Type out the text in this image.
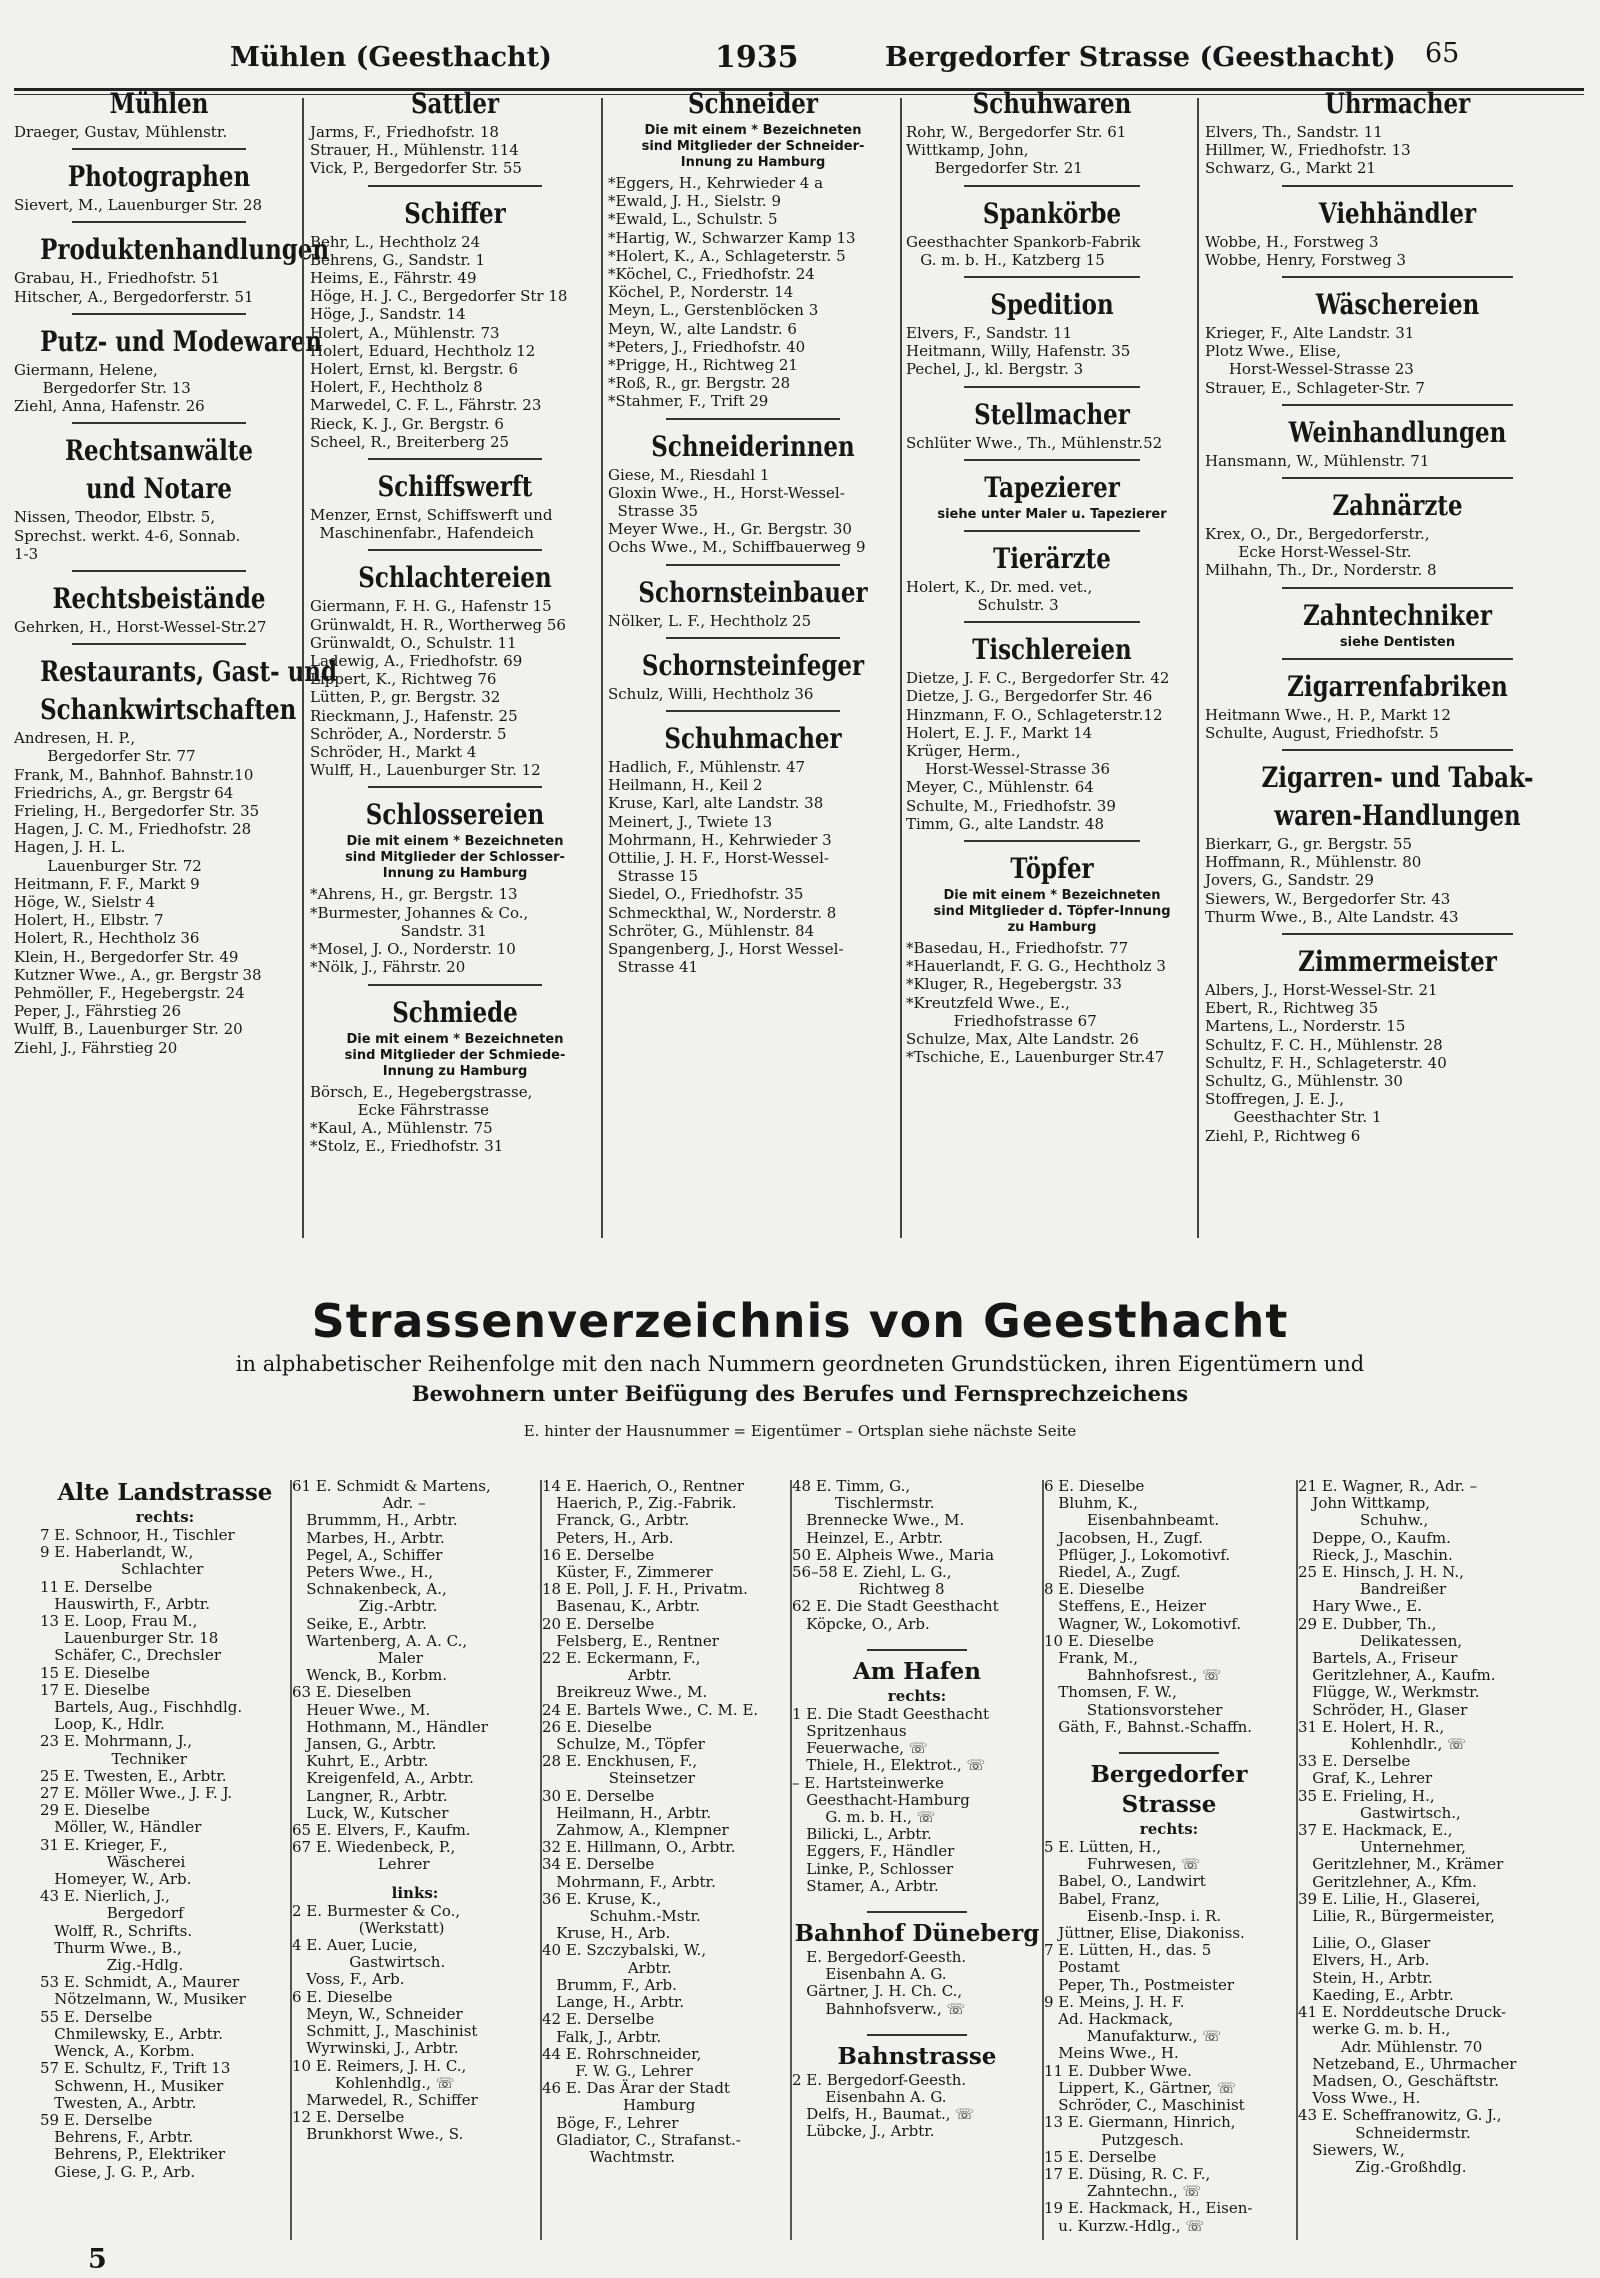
Mühlen (Geesthacht)	1935	Bergedorfer Strasse (Geesthacht) 65
Mühlen
Draeger, Gustav, Mühlenstr.
Photographen
Sievert, M., Lauenburger Str. 28
Produktenhandlungen
Grabau, H., Friedhofstr. 51
Hitscher, A., Bergedorferstr. 51
Putz- und Modewaren
Giermann, Helene,
Bergedorfer Str. 13
Ziehl, Anna, Hafenstr. 26
Rechtsanwälte
und Notare
Nissen, Theodor, Elbstr. 5,
Sprechst. werkt. 4-6, Sonnab.
1-3
Rechtsbeistände
Gehrken, H., Horst-Wessel-Str.27
Restaurants, Gast- und
Schankwirtschaften
Andresen, H. P.,
Bergedorfer Str. 77
Frank, M., Bahnhof. Bahnstr.10
Friedrichs, A., gr. Bergstr 64
Frieling, H., Bergedorfer Str. 35
Hagen, J. C. M., Friedhofstr. 28
Hagen, J. H. L.
Lauenburger Str. 72
Heitmann, F. F., Markt 9
Höge, W., Sielstr 4
Holert, H., Elbstr. 7
Holert, R., Hechtholz 36
Klein, H., Bergedorfer Str. 49
Kutzner Wwe., A., gr. Bergstr 38
Pehmöller, F., Hegebergstr. 24
Peper, J., Fährstieg 26
Wulff, B., Lauenburger Str. 20
Ziehl, J., Fährstieg 20
Sattler
Jarms, F., Friedhofstr. 18
Strauer, H., Mühlenstr. 114
Vick, P., Bergedorfer Str. 55
Schiffer
Behr, L., Hechtholz 24
Behrens, G., Sandstr. 1
Heims, E., Fährstr. 49
Höge, H. J. C., Bergedorfer Str 18
Höge, J., Sandstr. 14
Holert, A., Mühlenstr. 73
Holert, Eduard, Hechtholz 12
Holert, Ernst, kl. Bergstr. 6
Holert, F., Hechtholz 8
Marwedel, C. F. L., Fährstr. 23
Rieck, K. J., Gr. Bergstr. 6
Scheel, R., Breiterberg 25
Schiffswerft
Menzer, Ernst, Schiffswerft und
Maschinenfabr., Hafendeich
Schlachtereien
Giermann, F. H. G., Hafenstr 15
Grünwaldt, H. R., Wortherweg 56
Grünwaldt, O., Schulstr. 11
Ladewig, A., Friedhofstr. 69
Lippert, K., Richtweg 76
Lütten, P., gr. Bergstr. 32
Rieckmann, J., Hafenstr. 25
Schröder, A., Norderstr. 5
Schröder, H., Markt 4
Wulff, H., Lauenburger Str. 12
Schlossereien
Die mit einem * Bezeichneten
sind Mitglieder der Schlosser-
Innung zu Hamburg
*Ahrens, H., gr. Bergstr. 13
*Burmester, Johannes & Co.,
Sandstr. 31
*Mosel, J. O., Norderstr. 10
*Nölk, J., Fährstr. 20
Schmiede
Die mit einem * Bezeichneten
sind Mitglieder der Schmiede-
Innung zu Hamburg
Börsch, E., Hegebergstrasse,
Ecke Fährstrasse
*Kaul, A., Mühlenstr. 75
*Stolz, E., Friedhofstr. 31
Schneider
Die mit einem * Bezeichneten
sind Mitglieder der Schneider-
Innung zu Hamburg
*Eggers, H., Kehrwieder 4 a
*Ewald, J. H., Sielstr. 9
*Ewald, L., Schulstr. 5
*Hartig, W., Schwarzer Kamp 13
*Holert, K., A., Schlageterstr. 5
*Köchel, C., Friedhofstr. 24
Köchel, P., Norderstr. 14
Meyn, L., Gerstenblöcken 3
Meyn, W., alte Landstr. 6
*Peters, J., Friedhofstr. 40
*Prigge, H., Richtweg 21
*Roß, R., gr. Bergstr. 28
*Stahmer, F., Trift 29
Schneiderinnen
Giese, M., Riesdahl 1
Gloxin Wwe., H., Horst-Wessel-
Strasse 35
Meyer Wwe., H., Gr. Bergstr. 30
Ochs Wwe., M., Schiffbauerweg 9
Schornsteinbauer
Nölker, L. F., Hechtholz 25
Schornsteinfeger
Schulz, Willi, Hechtholz 36
Schuhmacher
Hadlich, F., Mühlenstr. 47
Heilmann, H., Keil 2
Kruse, Karl, alte Landstr. 38
Meinert, J., Twiete 13
Mohrmann, H., Kehrwieder 3
Ottilie, J. H. F., Horst-Wessel-
Strasse 15
Siedel, O., Friedhofstr. 35
Schmeckthal, W., Norderstr. 8
Schröter, G., Mühlenstr. 84
Spangenberg, J., Horst Wessel-
Strasse 41
Schuhwaren
Rohr, W., Bergedorfer Str. 61
Wittkamp, John,
Bergedorfer Str. 21
Spankörbe
Geesthachter Spankorb-Fabrik
G. m. b. H., Katzberg 15
Spedition
Elvers, F., Sandstr. 11
Heitmann, Willy, Hafenstr. 35
Pechel, J., kl. Bergstr. 3
Stellmacher
Schlüter Wwe., Th., Mühlenstr.52
Tapezierer
siehe unter Maler u. Tapezierer
Tierärzte
Holert, K., Dr. med. vet.,
Schulstr. 3
Tischlereien
Dietze, J. F. C., Bergedorfer Str. 42
Dietze, J. G., Bergedorfer Str. 46
Hinzmann, F. O., Schlageterstr.12
Holert, E. J. F., Markt 14
Krüger, Herm.,
Horst-Wessel-Strasse 36
Meyer, C., Mühlenstr. 64
Schulte, M., Friedhofstr. 39
Timm, G., alte Landstr. 48
Töpfer
Die mit einem * Bezeichneten
sind Mitglieder d. Töpfer-Innung
zu Hamburg
*Basedau, H., Friedhofstr. 77
*Hauerlandt, F. G. G., Hechtholz 3
*Kluger, R., Hegebergstr. 33
*Kreutzfeld Wwe., E.,
Friedhofstrasse 67
Schulze, Max, Alte Landstr. 26
*Tschiche, E., Lauenburger Str.47
Uhrmacher
Elvers, Th., Sandstr. 11
Hillmer, W., Friedhofstr. 13
Schwarz, G., Markt 21
Viehhändler
Wobbe, H., Forstweg 3
Wobbe, Henry, Forstweg 3
Wäschereien
Krieger, F., Alte Landstr. 31
Plotz Wwe., Elise,
Horst-Wessel-Strasse 23
Strauer, E., Schlageter-Str. 7
Weinhandlungen
Hansmann, W., Mühlenstr. 71
Zahnärzte
Krex, O., Dr., Bergedorferstr.,
Ecke Horst-Wessel-Str.
Milhahn, Th., Dr., Norderstr. 8
Zahntechniker
siehe Dentisten
Zigarrenfabriken
Heitmann Wwe., H. P., Markt 12
Schulte, August, Friedhofstr. 5
Zigarren- und Tabak-
waren-Handlungen
Bierkarr, G., gr. Bergstr. 55
Hoffmann, R., Mühlenstr. 80
Jovers, G., Sandstr. 29
Siewers, W., Bergedorfer Str. 43
Thurm Wwe., B., Alte Landstr. 43
Zimmermeister
Albers, J., Horst-Wessel-Str. 21
Ebert, R., Richtweg 35
Martens, L., Norderstr. 15
Schultz, F. C. H., Mühlenstr. 28
Schultz, F. H., Schlageterstr. 40
Schultz, G., Mühlenstr. 30
Stoffregen, J. E. J.,
Geesthachter Str. 1
Ziehl, P., Richtweg 6
Strassenverzeichnis von Geesthacht
in alphabetischer Reihenfolge mit den nach Nummern geordneten Grundstücken, ihren Eigentümern und
Bewohnern unter Beifügung des Berufes und Fernsprechzeichens
E. hinter der Hausnummer = Eigentümer – Ortsplan siehe nächste Seite
Alte Landstrasse
rechts:
7 E. Schnoor, H., Tischler
9 E. Haberlandt, W.,
Schlachter
11 E. Derselbe
Hauswirth, F., Arbtr.
13 E. Loop, Frau M.,
Lauenburger Str. 18
Schäfer, C., Drechsler
15 E. Dieselbe
17 E. Dieselbe
Bartels, Aug., Fischhdlg.
Loop, K., Hdlr.
23 E. Mohrmann, J.,
Techniker
25 E. Twesten, E., Arbtr.
27 E. Möller Wwe., J. F. J.
29 E. Dieselbe
Möller, W., Händler
31 E. Krieger, F.,
Wäscherei
Homeyer, W., Arb.
43 E. Nierlich, J.,
Bergedorf
Wolff, R., Schrifts.
Thurm Wwe., B.,
Zig.-Hdlg.
53 E. Schmidt, A., Maurer
Nötzelmann, W., Musiker
55 E. Derselbe
Chmilewsky, E., Arbtr.
Wenck, A., Korbm.
57 E. Schultz, F., Trift 13
Schwenn, H., Musiker
Twesten, A., Arbtr.
59 E. Derselbe
Behrens, F., Arbtr.
Behrens, P., Elektriker
Giese, J. G. P., Arb.
61 E. Schmidt & Martens,
Adr. –
Brummm, H., Arbtr.
Marbes, H., Arbtr.
Pegel, A., Schiffer
Peters Wwe., H.,
Schnakenbeck, A.,
Zig.-Arbtr.
Seike, E., Arbtr.
Wartenberg, A. A. C.,
Maler
Wenck, B., Korbm.
63 E. Dieselben
Heuer Wwe., M.
Hothmann, M., Händler
Jansen, G., Arbtr.
Kuhrt, E., Arbtr.
Kreigenfeld, A., Arbtr.
Langner, R., Arbtr.
Luck, W., Kutscher
65 E. Elvers, F., Kaufm.
67 E. Wiedenbeck, P.,
Lehrer

links:
2 E. Burmester & Co.,
(Werkstatt)
4 E. Auer, Lucie,
Gastwirtsch.
Voss, F., Arb.
6 E. Dieselbe
Meyn, W., Schneider
Schmitt, J., Maschinist
Wyrwinski, J., Arbtr.
10 E. Reimers, J. H. C.,
Kohlenhdlg., ☏
Marwedel, R., Schiffer
12 E. Derselbe
Brunkhorst Wwe., S.
14 E. Haerich, O., Rentner
Haerich, P., Zig.-Fabrik.
Franck, G., Arbtr.
Peters, H., Arb.
16 E. Derselbe
Küster, F., Zimmerer
18 E. Poll, J. F. H., Privatm.
Basenau, K., Arbtr.
20 E. Derselbe
Felsberg, E., Rentner
22 E. Eckermann, F.,
Arbtr.
Breikreuz Wwe., M.
24 E. Bartels Wwe., C. M. E.
26 E. Dieselbe
Schulze, M., Töpfer
28 E. Enckhusen, F.,
Steinsetzer
30 E. Derselbe
Heilmann, H., Arbtr.
Zahmow, A., Klempner
32 E. Hillmann, O., Arbtr.
34 E. Derselbe
Mohrmann, F., Arbtr.
36 E. Kruse, K.,
Schuhm.-Mstr.
Kruse, H., Arb.
40 E. Szczybalski, W.,
Arbtr.
Brumm, F., Arb.
Lange, H., Arbtr.
42 E. Derselbe
Falk, J., Arbtr.
44 E. Rohrschneider,
F. W. G., Lehrer
46 E. Das Ärar der Stadt
Hamburg
Böge, F., Lehrer
Gladiator, C., Strafanst.-
Wachtmstr.
48 E. Timm, G.,
Tischlermstr.
Brennecke Wwe., M.
Heinzel, E., Arbtr.
50 E. Alpheis Wwe., Maria
56–58 E. Ziehl, L. G.,
Richtweg 8
62 E. Die Stadt Geesthacht
Köpcke, O., Arb.

Am Hafen
rechts:
1 E. Die Stadt Geesthacht
Spritzenhaus
Feuerwache, ☏
Thiele, H., Elektrot., ☏
– E. Hartsteinwerke
Geesthacht-Hamburg
G. m. b. H., ☏
Bilicki, L., Arbtr.
Eggers, F., Händler
Linke, P., Schlosser
Stamer, A., Arbtr.

Bahnhof Düneberg
E. Bergedorf-Geesth.
Eisenbahn A. G.
Gärtner, J. H. Ch. C.,
Bahnhofsverw., ☏

Bahnstrasse
2 E. Bergedorf-Geesth.
Eisenbahn A. G.
Delfs, H., Baumat., ☏
Lübcke, J., Arbtr.
6 E. Dieselbe
Bluhm, K.,
Eisenbahnbeamt.
Jacobsen, H., Zugf.
Pflüger, J., Lokomotivf.
Riedel, A., Zugf.
8 E. Dieselbe
Steffens, E., Heizer
Wagner, W., Lokomotivf.
10 E. Dieselbe
Frank, M.,
Bahnhofsrest., ☏
Thomsen, F. W.,
Stationsvorsteher
Gäth, F., Bahnst.-Schaffn.

Bergedorfer Strasse
rechts:
5 E. Lütten, H.,
Fuhrwesen, ☏
Babel, O., Landwirt
Babel, Franz,
Eisenb.-Insp. i. R.
Jüttner, Elise, Diakoniss.
7 E. Lütten, H., das. 5
Postamt
Peper, Th., Postmeister
9 E. Meins, J. H. F.
Ad. Hackmack,
Manufakturw., ☏
Meins Wwe., H.
11 E. Dubber Wwe.
Lippert, K., Gärtner, ☏
Schröder, C., Maschinist
13 E. Giermann, Hinrich,
Putzgesch.
15 E. Derselbe
17 E. Düsing, R. C. F.,
Zahntechn., ☏
19 E. Hackmack, H., Eisen-
u. Kurzw.-Hdlg., ☏
21 E. Wagner, R., Adr. –
John Wittkamp,
Schuhw.,
Deppe, O., Kaufm.
Rieck, J., Maschin.
25 E. Hinsch, J. H. N.,
Bandreißer
Hary Wwe., E.
29 E. Dubber, Th.,
Delikatessen,
Bartels, A., Friseur
Geritzlehner, A., Kaufm.
Flügge, W., Werkmstr.
Schröder, H., Glaser
31 E. Holert, H. R.,
Kohlenhdlr., ☏
33 E. Derselbe
Graf, K., Lehrer
35 E. Frieling, H.,
Gastwirtsch.,
37 E. Hackmack, E.,
Unternehmer,
Geritzlehner, M., Krämer
Geritzlehner, A., Kfm.
39 E. Lilie, H., Glaserei,
Lilie, R., Bürgermeister,

Lilie, O., Glaser
Elvers, H., Arb.
Stein, H., Arbtr.
Kaeding, E., Arbtr.
41 E. Norddeutsche Druck-
werke G. m. b. H.,
Adr. Mühlenstr. 70
Netzeband, E., Uhrmacher
Madsen, O., Geschäftstr.
Voss Wwe., H.
43 E. Scheffranowitz, G. J.,
Schneidermstr.
Siewers, W.,
Zig.-Großhdlg.
5
